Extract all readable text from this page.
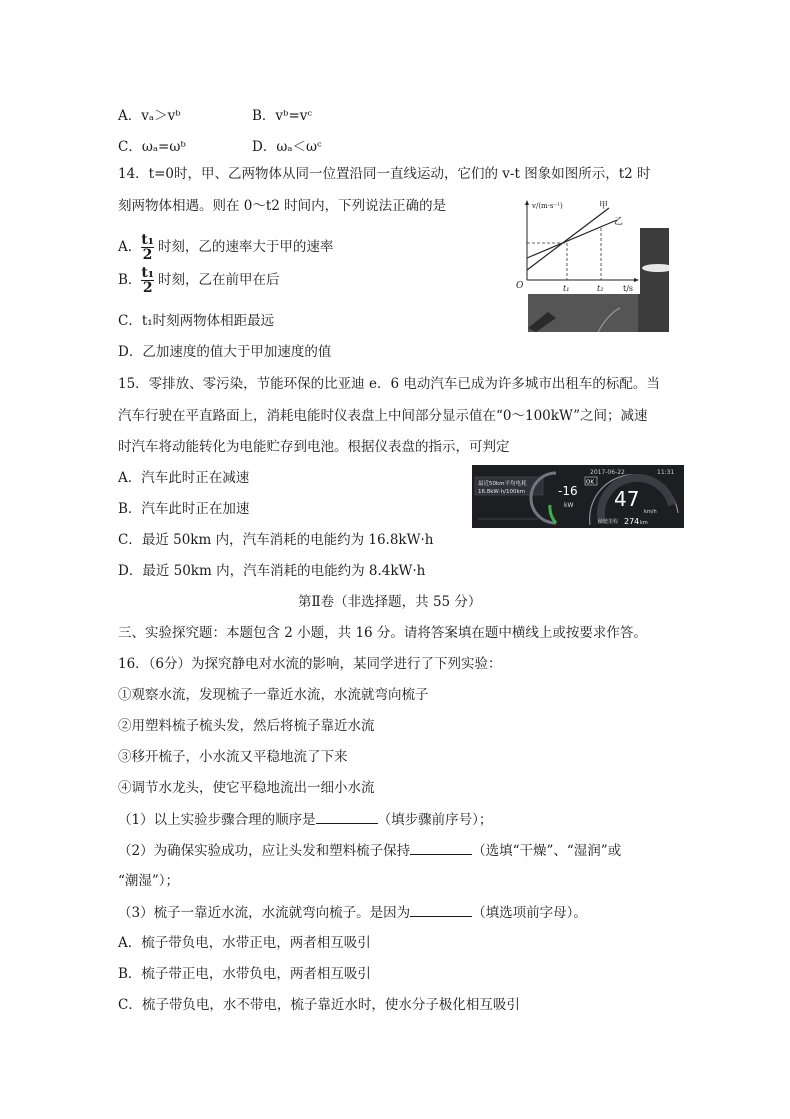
A．vₐ＞vᵇ	B．vᵇ=vᶜ
C．ωₐ=ωᵇ	D．ωₐ＜ωᶜ
14．t=0时，甲、乙两物体从同一位置沿同一直线运动，它们的 v-t 图象如图所示，t2 时
刻两物体相遇。则在 0～t2 时间内，下列说法正确的是
A． $\frac{\text{t₁}}{2}$ 时刻，乙的速率大于甲的速率
B． $\frac{\text{t₁}}{2}$ 时刻，乙在前甲在后
C．t₁时刻两物体相距最远
D．乙加速度的值大于甲加速度的值
v/(m·s⁻¹)
t/s
O
甲
乙
t₁	t₂
15．零排放、零污染，节能环保的比亚迪 e．6 电动汽车已成为许多城市出租车的标配。当
汽车行驶在平直路面上，消耗电能时仪表盘上中间部分显示值在“0～100kW”之间；减速
时汽车将动能转化为电能贮存到电池。根据仪表盘的指示，可判定
A．汽车此时正在减速
B．汽车此时正在加速
C．最近 50km 内，汽车消耗的电能约为 16.8kW·h
D．最近 50km 内，汽车消耗的电能约为 8.4kW·h
最近50km平均电耗
16.8kW·h/100km	-16
kW
2017-06-22	11:31
OK
47
km/h
续驶里程 274 km
第Ⅱ卷（非选择题，共 55 分）
三、实验探究题：本题包含 2 小题，共 16 分。请将答案填在题中横线上或按要求作答。
16．（6分）为探究静电对水流的影响，某同学进行了下列实验：
①观察水流，发现梳子一靠近水流，水流就弯向梳子
②用塑料梳子梳头发，然后将梳子靠近水流
③移开梳子，小水流又平稳地流了下来
④调节水龙头，使它平稳地流出一细小水流
（1）以上实验步骤合理的顺序是	（填步骤前序号）；
（2）为确保实验成功，应让头发和塑料梳子保持	（选填“干燥”、“湿润”或
“潮湿”）；
（3）梳子一靠近水流，水流就弯向梳子。是因为	（填选项前字母）。
A．梳子带负电，水带正电，两者相互吸引
B．梳子带正电，水带负电，两者相互吸引
C．梳子带负电，水不带电，梳子靠近水时，使水分子极化相互吸引
